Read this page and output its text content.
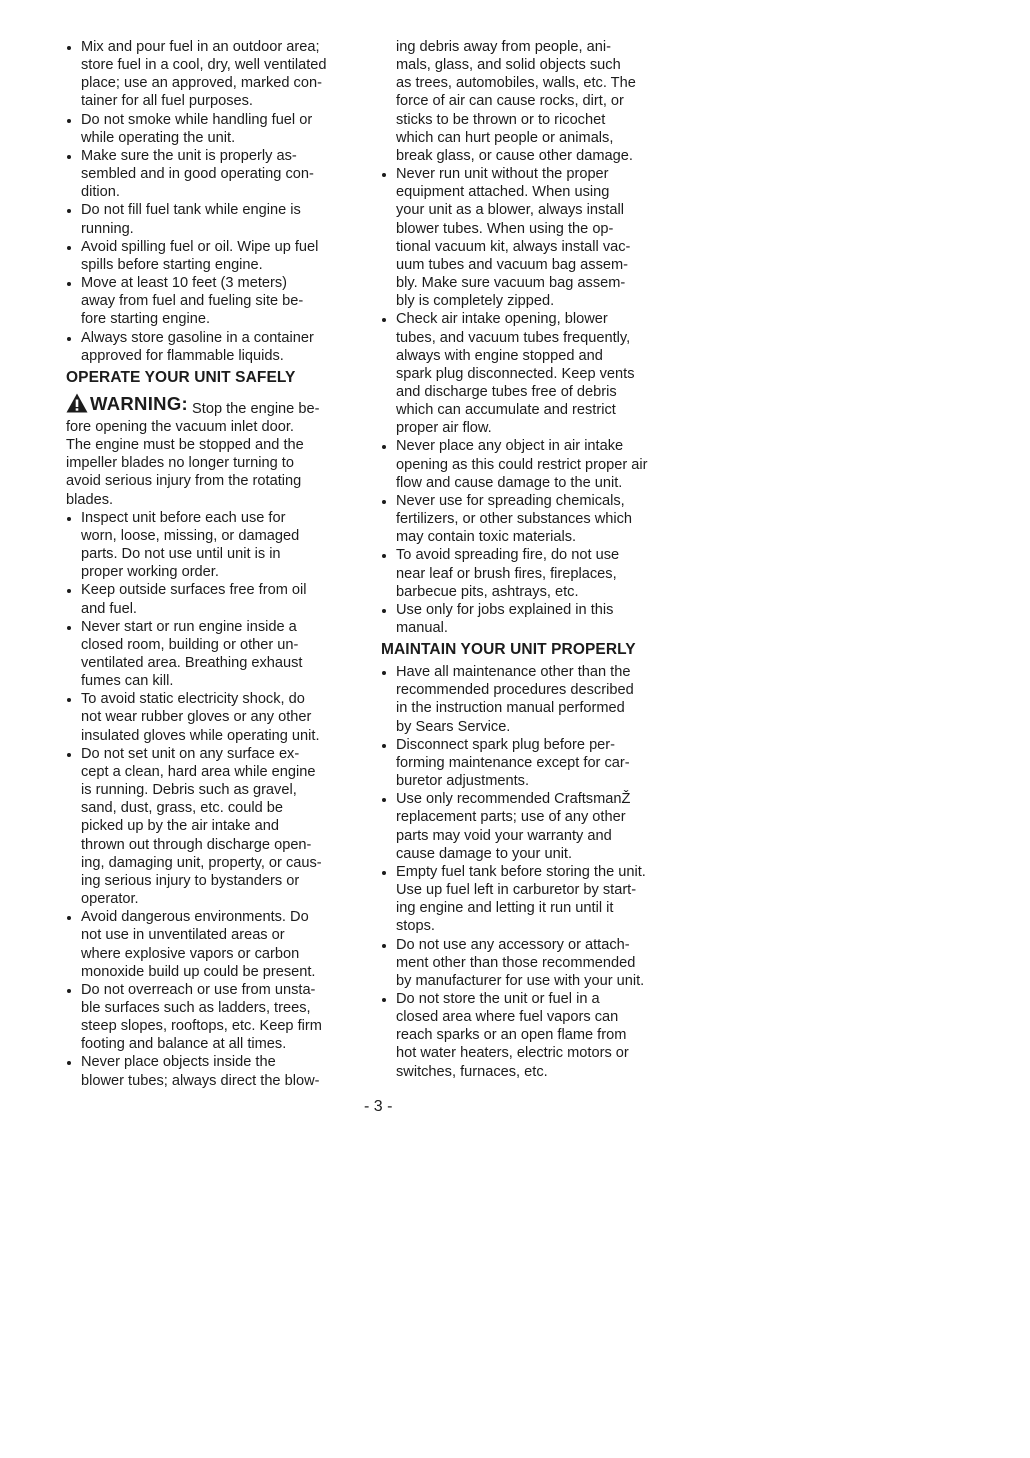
Mix and pour fuel in an outdoor area;
store fuel in a cool, dry, well ventilated
place; use an approved, marked con-
tainer for all fuel purposes.
Do not smoke while handling fuel or
while operating the unit.
Make sure the unit is properly as-
sembled and in good operating con-
dition.
Do not fill fuel tank while engine is
running.
Avoid spilling fuel or oil. Wipe up fuel
spills before starting engine.
Move at least 10 feet (3 meters)
away from fuel and fueling site be-
fore starting engine.
Always store gasoline in a container
approved for flammable liquids.
OPERATE YOUR UNIT SAFELY
WARNING: Stop the engine be-
fore opening the vacuum inlet door.
The engine must be stopped and the
impeller blades no longer turning to
avoid serious injury from the rotating
blades.
Inspect unit before each use for
worn, loose, missing, or damaged
parts. Do not use until unit is in
proper working order.
Keep outside surfaces free from oil
and fuel.
Never start or run engine inside a
closed room, building or other un-
ventilated area. Breathing exhaust
fumes can kill.
To avoid static electricity shock, do
not wear rubber gloves or any other
insulated gloves while operating unit.
Do not set unit on any surface ex-
cept a clean, hard area while engine
is running. Debris such as gravel,
sand, dust, grass, etc. could be
picked up by the air intake and
thrown out through discharge open-
ing, damaging unit, property, or caus-
ing serious injury to bystanders or
operator.
Avoid dangerous environments. Do
not use in unventilated areas or
where explosive vapors or carbon
monoxide build up could be present.
Do not overreach or use from unsta-
ble surfaces such as ladders, trees,
steep slopes, rooftops, etc. Keep firm
footing and balance at all times.
Never place objects inside the
blower tubes; always direct the blow-
ing debris away from people, ani-
mals, glass, and solid objects such
as trees, automobiles, walls, etc. The
force of air can cause rocks, dirt, or
sticks to be thrown or to ricochet
which can hurt people or animals,
break glass, or cause other damage.
Never run unit without the proper
equipment attached. When using
your unit as a blower, always install
blower tubes. When using the op-
tional vacuum kit, always install vac-
uum tubes and vacuum bag assem-
bly. Make sure vacuum bag assem-
bly is completely zipped.
Check air intake opening, blower
tubes, and vacuum tubes frequently,
always with engine stopped and
spark plug disconnected. Keep vents
and discharge tubes free of debris
which can accumulate and restrict
proper air flow.
Never place any object in air intake
opening as this could restrict proper air
flow and cause damage to the unit.
Never use for spreading chemicals,
fertilizers, or other substances which
may contain toxic materials.
To avoid spreading fire, do not use
near leaf or brush fires, fireplaces,
barbecue pits, ashtrays, etc.
Use only for jobs explained in this
manual.
MAINTAIN YOUR UNIT PROPERLY
Have all maintenance other than the
recommended procedures described
in the instruction manual performed
by Sears Service.
Disconnect spark plug before per-
forming maintenance except for car-
buretor adjustments.
Use only recommended CraftsmanŽ
replacement parts; use of any other
parts may void your warranty and
cause damage to your unit.
Empty fuel tank before storing the unit.
Use up fuel left in carburetor by start-
ing engine and letting it run until it
stops.
Do not use any accessory or attach-
ment other than those recommended
by manufacturer for use with your unit.
Do not store the unit or fuel in a
closed area where fuel vapors can
reach sparks or an open flame from
hot water heaters, electric motors or
switches, furnaces, etc.
- 3 -
